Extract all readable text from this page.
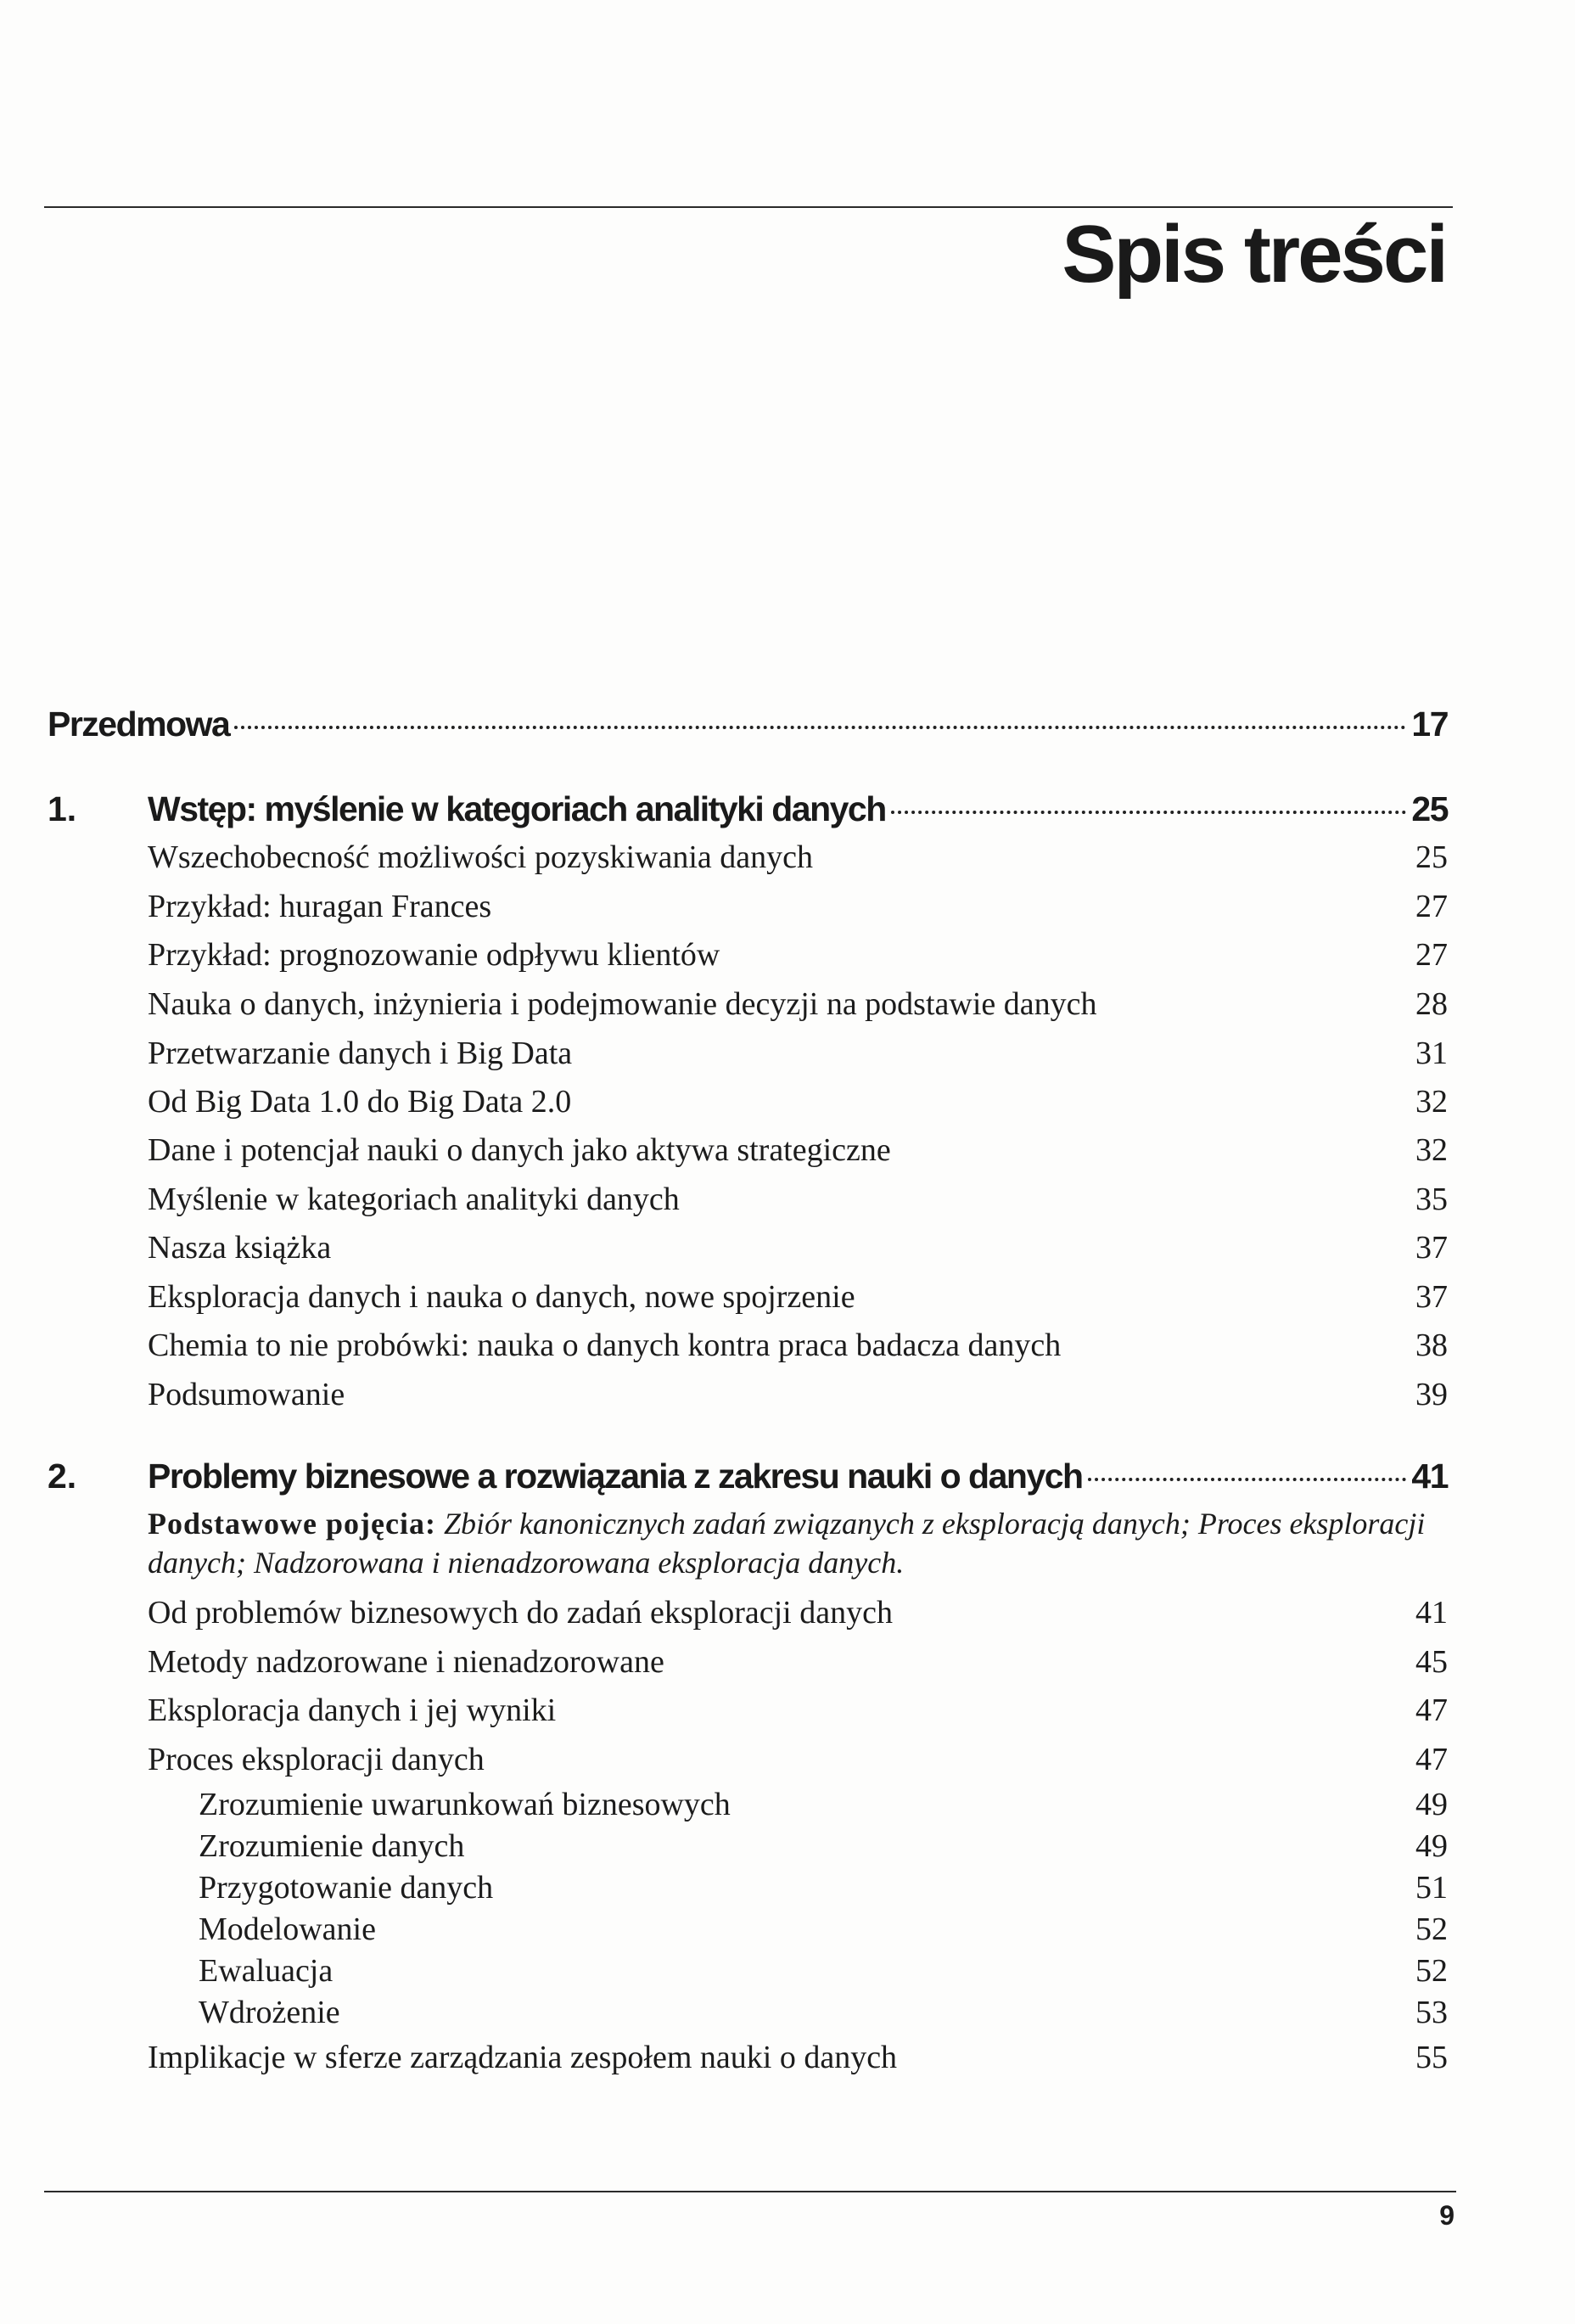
Spis treści
Przedmowa	17
1. Wstęp: myślenie w kategoriach analityki danych	25
Wszechobecność możliwości pozyskiwania danych	25
Przykład: huragan Frances	27
Przykład: prognozowanie odpływu klientów	27
Nauka o danych, inżynieria i podejmowanie decyzji na podstawie danych	28
Przetwarzanie danych i Big Data	31
Od Big Data 1.0 do Big Data 2.0	32
Dane i potencjał nauki o danych jako aktywa strategiczne	32
Myślenie w kategoriach analityki danych	35
Nasza książka	37
Eksploracja danych i nauka o danych, nowe spojrzenie	37
Chemia to nie probówki: nauka o danych kontra praca badacza danych	38
Podsumowanie	39
2. Problemy biznesowe a rozwiązania z zakresu nauki o danych	41
Podstawowe pojęcia: Zbiór kanonicznych zadań związanych z eksploracją danych; Proces eksploracji danych; Nadzorowana i nienadzorowana eksploracja danych.
Od problemów biznesowych do zadań eksploracji danych	41
Metody nadzorowane i nienadzorowane	45
Eksploracja danych i jej wyniki	47
Proces eksploracji danych	47
Zrozumienie uwarunkowań biznesowych	49
Zrozumienie danych	49
Przygotowanie danych	51
Modelowanie	52
Ewaluacja	52
Wdrożenie	53
Implikacje w sferze zarządzania zespołem nauki o danych	55
9
